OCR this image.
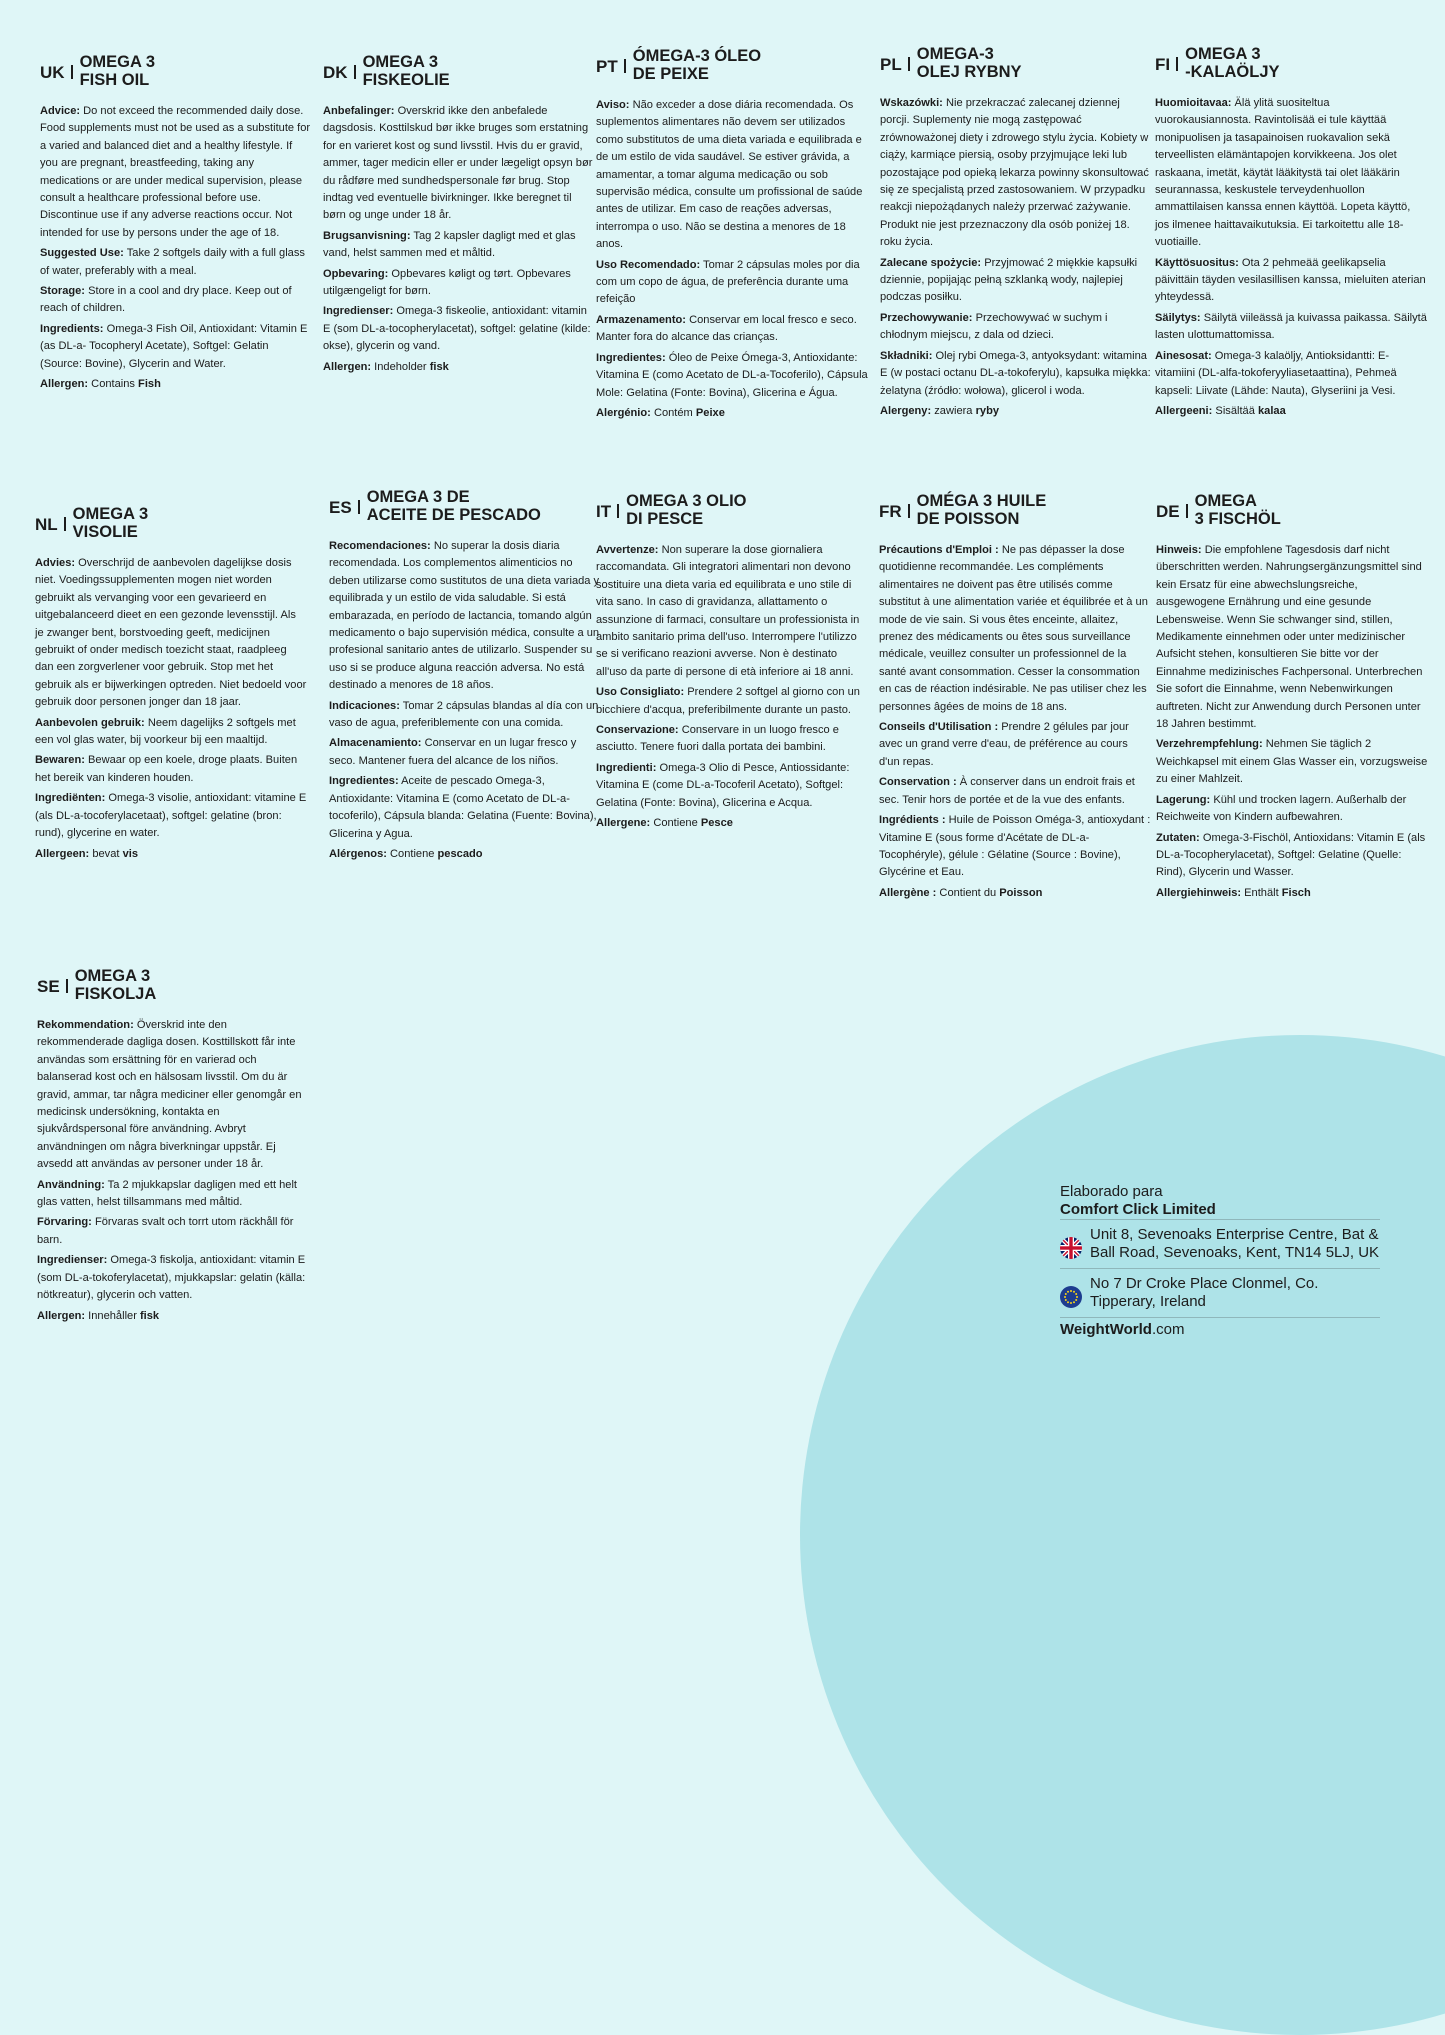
UK
OMEGA 3
FISH OIL

Advice: Do not exceed the recommended daily dose. Food supplements must not be used as a substitute for a varied and balanced diet and a healthy lifestyle. If you are pregnant, breastfeeding, taking any medications or are under medical supervision, please consult a healthcare professional before use. Discontinue use if any adverse reactions occur. Not intended for use by persons under the age of 18.

Suggested Use: Take 2 softgels daily with a full glass of water, preferably with a meal.

Storage: Store in a cool and dry place. Keep out of reach of children.

Ingredients: Omega-3 Fish Oil, Antioxidant: Vitamin E (as DL-a- Tocopheryl Acetate), Softgel: Gelatin (Source: Bovine), Glycerin and Water.

Allergen: Contains Fish

DK
OMEGA 3
FISKEOLIE

Anbefalinger: Overskrid ikke den anbefalede dagsdosis. Kosttilskud bør ikke bruges som erstatning for en varieret kost og sund livsstil. Hvis du er gravid, ammer, tager medicin eller er under lægeligt opsyn bør du rådføre med sundhedspersonale før brug. Stop indtag ved eventuelle bivirkninger. Ikke beregnet til børn og unge under 18 år.

Brugsanvisning: Tag 2 kapsler dagligt med et glas vand, helst sammen med et måltid.

Opbevaring: Opbevares køligt og tørt. Opbevares utilgængeligt for børn.

Ingredienser: Omega-3 fiskeolie, antioxidant: vitamin E (som DL-a-tocopherylacetat), softgel: gelatine (kilde: okse), glycerin og vand.

Allergen: Indeholder fisk

PT
ÓMEGA-3 ÓLEO
DE PEIXE

Aviso: Não exceder a dose diária recomendada. Os suplementos alimentares não devem ser utilizados como substitutos de uma dieta variada e equilibrada e de um estilo de vida saudável. Se estiver grávida, a amamentar, a tomar alguma medicação ou sob supervisão médica, consulte um profissional de saúde antes de utilizar. Em caso de reações adversas, interrompa o uso. Não se destina a menores de 18 anos.

Uso Recomendado: Tomar 2 cápsulas moles por dia com um copo de água, de preferência durante uma refeição

Armazenamento: Conservar em local fresco e seco. Manter fora do alcance das crianças.

Ingredientes: Óleo de Peixe Ómega-3, Antioxidante: Vitamina E (como Acetato de DL-a-Tocoferilo), Cápsula Mole: Gelatina (Fonte: Bovina), Glicerina e Água.

Alergénio: Contém Peixe

PL
OMEGA-3
OLEJ RYBNY

Wskazówki: Nie przekraczać zalecanej dziennej porcji. Suplementy nie mogą zastępować zrównoważonej diety i zdrowego stylu życia. Kobiety w ciąży, karmiące piersią, osoby przyjmujące leki lub pozostające pod opieką lekarza powinny skonsultować się ze specjalistą przed zastosowaniem. W przypadku reakcji niepożądanych należy przerwać zażywanie. Produkt nie jest przeznaczony dla osób poniżej 18. roku życia.

Zalecane spożycie: Przyjmować 2 miękkie kapsułki dziennie, popijając pełną szklanką wody, najlepiej podczas posiłku.

Przechowywanie: Przechowywać w suchym i chłodnym miejscu, z dala od dzieci.

Składniki: Olej rybi Omega-3, antyoksydant: witamina E (w postaci octanu DL-a-tokoferylu), kapsułka miękka: żelatyna (źródło: wołowa), glicerol i woda.

Alergeny: zawiera ryby

FI
OMEGA 3
-KALAÖLJY

Huomioitavaa: Älä ylitä suositeltua vuorokausiannosta. Ravintolisää ei tule käyttää monipuolisen ja tasapainoisen ruokavalion sekä terveellisten elämäntapojen korvikkeena. Jos olet raskaana, imetät, käytät lääkitystä tai olet lääkärin seurannassa, keskustele terveydenhuollon ammattilaisen kanssa ennen käyttöä. Lopeta käyttö, jos ilmenee haittavaikutuksia. Ei tarkoitettu alle 18-vuotiaille.

Käyttösuositus: Ota 2 pehmeää geelikapselia päivittäin täyden vesilasillisen kanssa, mieluiten aterian yhteydessä.

Säilytys: Säilytä viileässä ja kuivassa paikassa. Säilytä lasten ulottumattomissa.

Ainesosat: Omega-3 kalaöljy, Antioksidantti: E-vitamiini (DL-alfa-tokoferyyliasetaattina), Pehmeä kapseli: Liivate (Lähde: Nauta), Glyseriini ja Vesi.

Allergeeni: Sisältää kalaa

NL
OMEGA 3
VISOLIE

Advies: Overschrijd de aanbevolen dagelijkse dosis niet. Voedingssupplementen mogen niet worden gebruikt als vervanging voor een gevarieerd en uitgebalanceerd dieet en een gezonde levensstijl. Als je zwanger bent, borstvoeding geeft, medicijnen gebruikt of onder medisch toezicht staat, raadpleeg dan een zorgverlener voor gebruik. Stop met het gebruik als er bijwerkingen optreden. Niet bedoeld voor gebruik door personen jonger dan 18 jaar.

Aanbevolen gebruik: Neem dagelijks 2 softgels met een vol glas water, bij voorkeur bij een maaltijd.

Bewaren: Bewaar op een koele, droge plaats. Buiten het bereik van kinderen houden.

Ingrediënten: Omega-3 visolie, antioxidant: vitamine E (als DL-a-tocoferylacetaat), softgel: gelatine (bron: rund), glycerine en water.

Allergeen: bevat vis

ES
OMEGA 3 DE
ACEITE DE PESCADO

Recomendaciones: No superar la dosis diaria recomendada. Los complementos alimenticios no deben utilizarse como sustitutos de una dieta variada y equilibrada y un estilo de vida saludable. Si está embarazada, en período de lactancia, tomando algún medicamento o bajo supervisión médica, consulte a un profesional sanitario antes de utilizarlo. Suspender su uso si se produce alguna reacción adversa. No está destinado a menores de 18 años.

Indicaciones: Tomar 2 cápsulas blandas al día con un vaso de agua, preferiblemente con una comida.

Almacenamiento: Conservar en un lugar fresco y seco. Mantener fuera del alcance de los niños.

Ingredientes: Aceite de pescado Omega-3, Antioxidante: Vitamina E (como Acetato de DL-a-tocoferilo), Cápsula blanda: Gelatina (Fuente: Bovina), Glicerina y Agua.

Alérgenos: Contiene pescado

IT
OMEGA 3 OLIO
DI PESCE

Avvertenze: Non superare la dose giornaliera raccomandata. Gli integratori alimentari non devono sostituire una dieta varia ed equilibrata e uno stile di vita sano. In caso di gravidanza, allattamento o assunzione di farmaci, consultare un professionista in ambito sanitario prima dell'uso. Interrompere l'utilizzo se si verificano reazioni avverse. Non è destinato all'uso da parte di persone di età inferiore ai 18 anni.

Uso Consigliato: Prendere 2 softgel al giorno con un bicchiere d'acqua, preferibilmente durante un pasto.

Conservazione: Conservare in un luogo fresco e asciutto. Tenere fuori dalla portata dei bambini.

Ingredienti: Omega-3 Olio di Pesce, Antiossidante: Vitamina E (come DL-a-Tocoferil Acetato), Softgel: Gelatina (Fonte: Bovina), Glicerina e Acqua.

Allergene: Contiene Pesce

FR
OMÉGA 3 HUILE
DE POISSON

Précautions d'Emploi : Ne pas dépasser la dose quotidienne recommandée. Les compléments alimentaires ne doivent pas être utilisés comme substitut à une alimentation variée et équilibrée et à un mode de vie sain. Si vous êtes enceinte, allaitez, prenez des médicaments ou êtes sous surveillance médicale, veuillez consulter un professionnel de la santé avant consommation. Cesser la consommation en cas de réaction indésirable. Ne pas utiliser chez les personnes âgées de moins de 18 ans.

Conseils d'Utilisation : Prendre 2 gélules par jour avec un grand verre d'eau, de préférence au cours d'un repas.

Conservation : À conserver dans un endroit frais et sec. Tenir hors de portée et de la vue des enfants.

Ingrédients : Huile de Poisson Oméga-3, antioxydant : Vitamine E (sous forme d'Acétate de DL-a-Tocophéryle), gélule : Gélatine (Source : Bovine), Glycérine et Eau.

Allergène : Contient du Poisson

DE
OMEGA
3 FISCHÖL

Hinweis: Die empfohlene Tagesdosis darf nicht überschritten werden. Nahrungsergänzungsmittel sind kein Ersatz für eine abwechslungsreiche, ausgewogene Ernährung und eine gesunde Lebensweise. Wenn Sie schwanger sind, stillen, Medikamente einnehmen oder unter medizinischer Aufsicht stehen, konsultieren Sie bitte vor der Einnahme medizinisches Fachpersonal. Unterbrechen Sie sofort die Einnahme, wenn Nebenwirkungen auftreten. Nicht zur Anwendung durch Personen unter 18 Jahren bestimmt.

Verzehrempfehlung: Nehmen Sie täglich 2 Weichkapsel mit einem Glas Wasser ein, vorzugsweise zu einer Mahlzeit.

Lagerung: Kühl und trocken lagern. Außerhalb der Reichweite von Kindern aufbewahren.

Zutaten: Omega-3-Fischöl, Antioxidans: Vitamin E (als DL-a-Tocopherylacetat), Softgel: Gelatine (Quelle: Rind), Glycerin und Wasser.

Allergiehinweis: Enthält Fisch

SE
OMEGA 3
FISKOLJA

Rekommendation: Överskrid inte den rekommenderade dagliga dosen. Kosttillskott får inte användas som ersättning för en varierad och balanserad kost och en hälsosam livsstil. Om du är gravid, ammar, tar några mediciner eller genomgår en medicinsk undersökning, kontakta en sjukvårdspersonal före användning. Avbryt användningen om några biverkningar uppstår. Ej avsedd att användas av personer under 18 år.

Användning: Ta 2 mjukkapslar dagligen med ett helt glas vatten, helst tillsammans med måltid.

Förvaring: Förvaras svalt och torrt utom räckhåll för barn.

Ingredienser: Omega-3 fiskolja, antioxidant: vitamin E (som DL-a-tokoferylacetat), mjukkapslar: gelatin (källa: nötkreatur), glycerin och vatten.

Allergen: Innehåller fisk

Elaborado para
Comfort Click Limited
Unit 8, Sevenoaks Enterprise Centre, Bat & Ball Road, Sevenoaks, Kent, TN14 5LJ, UK
No 7 Dr Croke Place Clonmel, Co. Tipperary, Ireland
WeightWorld.com
